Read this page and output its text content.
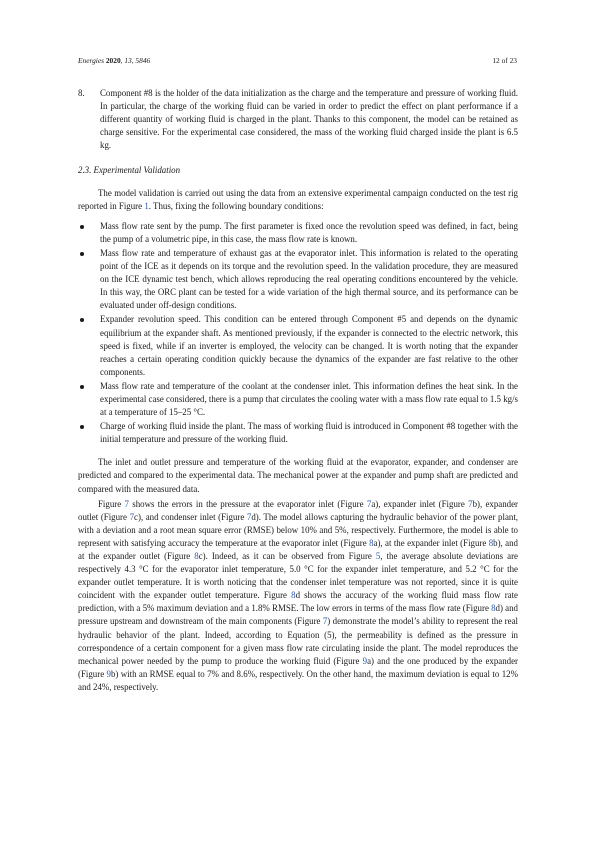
Energies 2020, 13, 5846	12 of 23
8.	Component #8 is the holder of the data initialization as the charge and the temperature and pressure of working fluid. In particular, the charge of the working fluid can be varied in order to predict the effect on plant performance if a different quantity of working fluid is charged in the plant. Thanks to this component, the model can be retained as charge sensitive. For the experimental case considered, the mass of the working fluid charged inside the plant is 6.5 kg.
2.3. Experimental Validation

The model validation is carried out using the data from an extensive experimental campaign conducted on the test rig reported in Figure 1. Thus, fixing the following boundary conditions:

Mass flow rate sent by the pump. The first parameter is fixed once the revolution speed was defined, in fact, being the pump of a volumetric pipe, in this case, the mass flow rate is known.
Mass flow rate and temperature of exhaust gas at the evaporator inlet. This information is related to the operating point of the ICE as it depends on its torque and the revolution speed. In the validation procedure, they are measured on the ICE dynamic test bench, which allows reproducing the real operating conditions encountered by the vehicle. In this way, the ORC plant can be tested for a wide variation of the high thermal source, and its performance can be evaluated under off-design conditions.
Expander revolution speed. This condition can be entered through Component #5 and depends on the dynamic equilibrium at the expander shaft. As mentioned previously, if the expander is connected to the electric network, this speed is fixed, while if an inverter is employed, the velocity can be changed. It is worth noting that the expander reaches a certain operating condition quickly because the dynamics of the expander are fast relative to the other components.
Mass flow rate and temperature of the coolant at the condenser inlet. This information defines the heat sink. In the experimental case considered, there is a pump that circulates the cooling water with a mass flow rate equal to 1.5 kg/s at a temperature of 15–25 °C.
Charge of working fluid inside the plant. The mass of working fluid is introduced in Component #8 together with the initial temperature and pressure of the working fluid.

The inlet and outlet pressure and temperature of the working fluid at the evaporator, expander, and condenser are predicted and compared to the experimental data. The mechanical power at the expander and pump shaft are predicted and compared with the measured data.

Figure 7 shows the errors in the pressure at the evaporator inlet (Figure 7a), expander inlet (Figure 7b), expander outlet (Figure 7c), and condenser inlet (Figure 7d). The model allows capturing the hydraulic behavior of the power plant, with a deviation and a root mean square error (RMSE) below 10% and 5%, respectively. Furthermore, the model is able to represent with satisfying accuracy the temperature at the evaporator inlet (Figure 8a), at the expander inlet (Figure 8b), and at the expander outlet (Figure 8c). Indeed, as it can be observed from Figure 5, the average absolute deviations are respectively 4.3 °C for the evaporator inlet temperature, 5.0 °C for the expander inlet temperature, and 5.2 °C for the expander outlet temperature. It is worth noticing that the condenser inlet temperature was not reported, since it is quite coincident with the expander outlet temperature. Figure 8d shows the accuracy of the working fluid mass flow rate prediction, with a 5% maximum deviation and a 1.8% RMSE. The low errors in terms of the mass flow rate (Figure 8d) and pressure upstream and downstream of the main components (Figure 7) demonstrate the model’s ability to represent the real hydraulic behavior of the plant. Indeed, according to Equation (5), the permeability is defined as the pressure in correspondence of a certain component for a given mass flow rate circulating inside the plant. The model reproduces the mechanical power needed by the pump to produce the working fluid (Figure 9a) and the one produced by the expander (Figure 9b) with an RMSE equal to 7% and 8.6%, respectively. On the other hand, the maximum deviation is equal to 12% and 24%, respectively.
